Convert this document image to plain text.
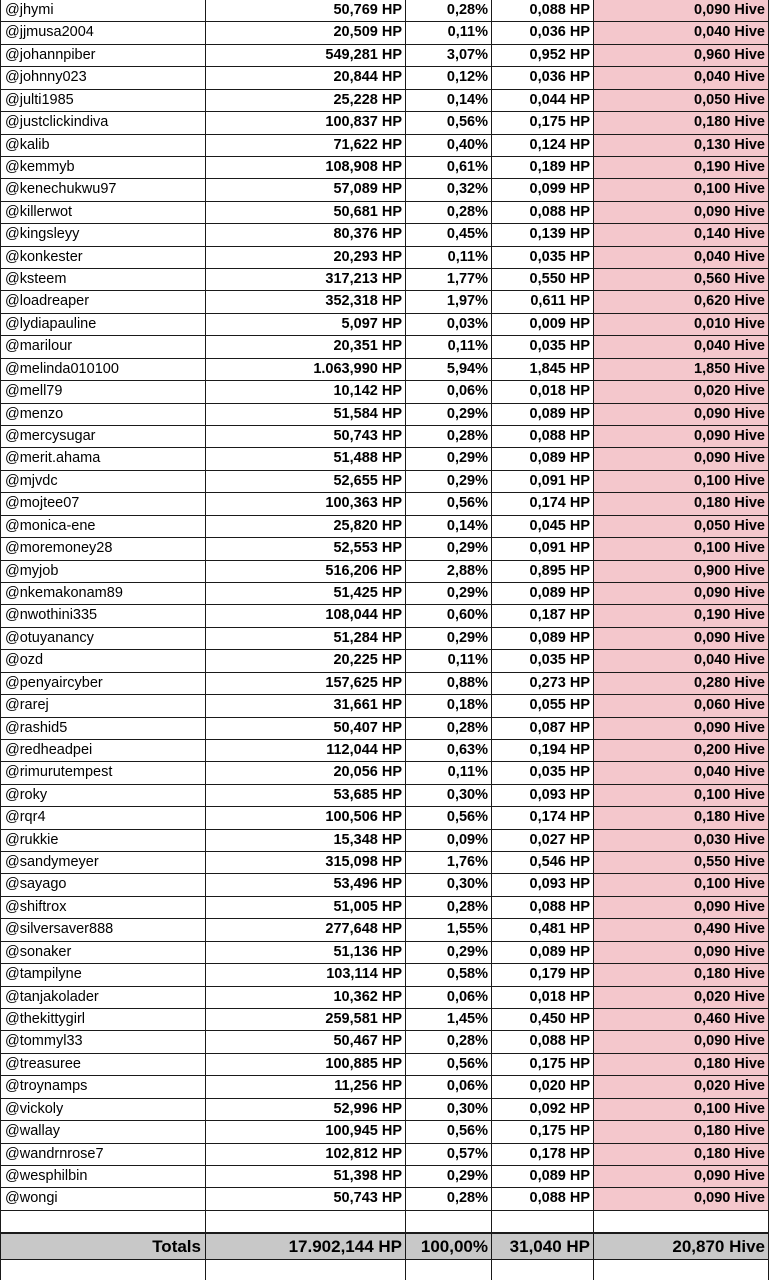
@jhymi	50,769 HP	0,28%	0,088 HP	0,090 Hive
@jjmusa2004	20,509 HP	0,11%	0,036 HP	0,040 Hive
@johannpiber	549,281 HP	3,07%	0,952 HP	0,960 Hive
@johnny023	20,844 HP	0,12%	0,036 HP	0,040 Hive
@julti1985	25,228 HP	0,14%	0,044 HP	0,050 Hive
@justclickindiva	100,837 HP	0,56%	0,175 HP	0,180 Hive
@kalib	71,622 HP	0,40%	0,124 HP	0,130 Hive
@kemmyb	108,908 HP	0,61%	0,189 HP	0,190 Hive
@kenechukwu97	57,089 HP	0,32%	0,099 HP	0,100 Hive
@killerwot	50,681 HP	0,28%	0,088 HP	0,090 Hive
@kingsleyy	80,376 HP	0,45%	0,139 HP	0,140 Hive
@konkester	20,293 HP	0,11%	0,035 HP	0,040 Hive
@ksteem	317,213 HP	1,77%	0,550 HP	0,560 Hive
@loadreaper	352,318 HP	1,97%	0,611 HP	0,620 Hive
@lydiapauline	5,097 HP	0,03%	0,009 HP	0,010 Hive
@marilour	20,351 HP	0,11%	0,035 HP	0,040 Hive
@melinda010100	1.063,990 HP	5,94%	1,845 HP	1,850 Hive
@mell79	10,142 HP	0,06%	0,018 HP	0,020 Hive
@menzo	51,584 HP	0,29%	0,089 HP	0,090 Hive
@mercysugar	50,743 HP	0,28%	0,088 HP	0,090 Hive
@merit.ahama	51,488 HP	0,29%	0,089 HP	0,090 Hive
@mjvdc	52,655 HP	0,29%	0,091 HP	0,100 Hive
@mojtee07	100,363 HP	0,56%	0,174 HP	0,180 Hive
@monica-ene	25,820 HP	0,14%	0,045 HP	0,050 Hive
@moremoney28	52,553 HP	0,29%	0,091 HP	0,100 Hive
@myjob	516,206 HP	2,88%	0,895 HP	0,900 Hive
@nkemakonam89	51,425 HP	0,29%	0,089 HP	0,090 Hive
@nwothini335	108,044 HP	0,60%	0,187 HP	0,190 Hive
@otuyanancy	51,284 HP	0,29%	0,089 HP	0,090 Hive
@ozd	20,225 HP	0,11%	0,035 HP	0,040 Hive
@penyaircyber	157,625 HP	0,88%	0,273 HP	0,280 Hive
@rarej	31,661 HP	0,18%	0,055 HP	0,060 Hive
@rashid5	50,407 HP	0,28%	0,087 HP	0,090 Hive
@redheadpei	112,044 HP	0,63%	0,194 HP	0,200 Hive
@rimurutempest	20,056 HP	0,11%	0,035 HP	0,040 Hive
@roky	53,685 HP	0,30%	0,093 HP	0,100 Hive
@rqr4	100,506 HP	0,56%	0,174 HP	0,180 Hive
@rukkie	15,348 HP	0,09%	0,027 HP	0,030 Hive
@sandymeyer	315,098 HP	1,76%	0,546 HP	0,550 Hive
@sayago	53,496 HP	0,30%	0,093 HP	0,100 Hive
@shiftrox	51,005 HP	0,28%	0,088 HP	0,090 Hive
@silversaver888	277,648 HP	1,55%	0,481 HP	0,490 Hive
@sonaker	51,136 HP	0,29%	0,089 HP	0,090 Hive
@tampilyne	103,114 HP	0,58%	0,179 HP	0,180 Hive
@tanjakolader	10,362 HP	0,06%	0,018 HP	0,020 Hive
@thekittygirl	259,581 HP	1,45%	0,450 HP	0,460 Hive
@tommyl33	50,467 HP	0,28%	0,088 HP	0,090 Hive
@treasuree	100,885 HP	0,56%	0,175 HP	0,180 Hive
@troynamps	11,256 HP	0,06%	0,020 HP	0,020 Hive
@vickoly	52,996 HP	0,30%	0,092 HP	0,100 Hive
@wallay	100,945 HP	0,56%	0,175 HP	0,180 Hive
@wandrnrose7	102,812 HP	0,57%	0,178 HP	0,180 Hive
@wesphilbin	51,398 HP	0,29%	0,089 HP	0,090 Hive
@wongi	50,743 HP	0,28%	0,088 HP	0,090 Hive
Totals	17.902,144 HP	100,00%	31,040 HP	20,870 Hive
